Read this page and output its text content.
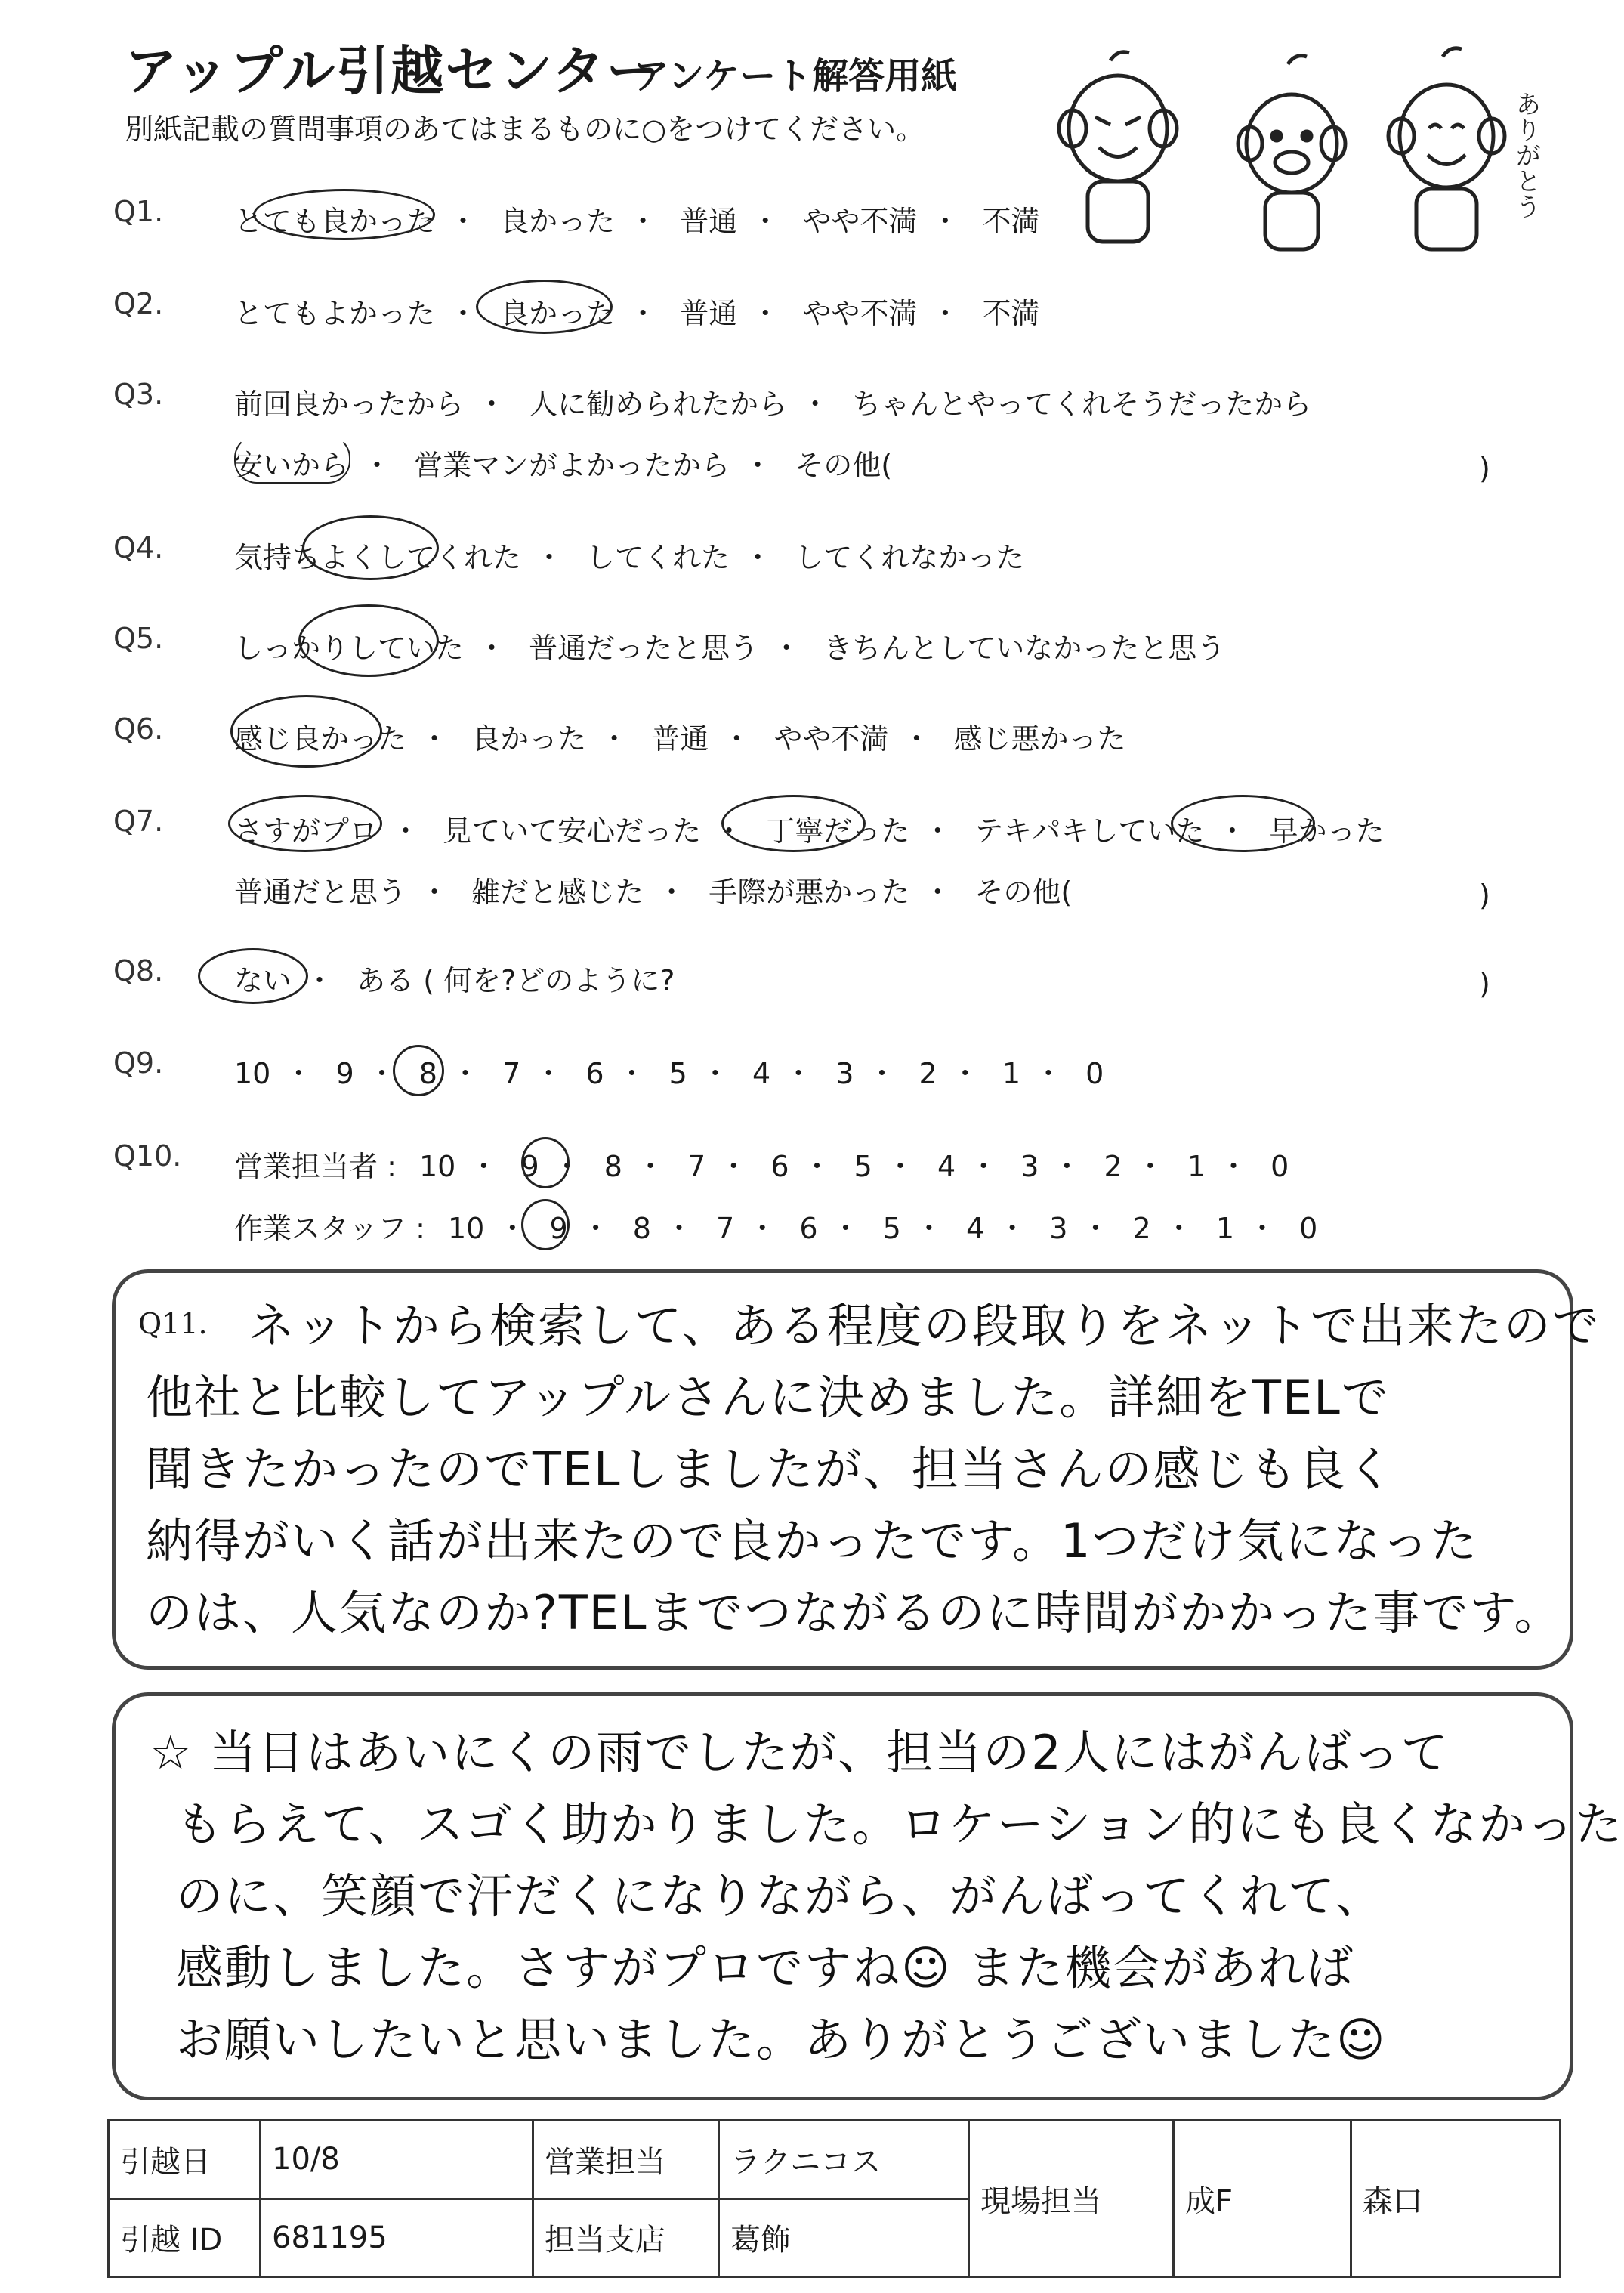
アップル引越センター
アンケート解答用紙
別紙記載の質問事項のあてはまるものに○をつけてください。	ありがとう
Q1. とても良かった ・ 良かった ・ 普通 ・ やや不満 ・ 不満
Q2. とてもよかった ・ 良かった ・ 普通 ・ やや不満 ・ 不満
Q3. 前回良かったから ・ 人に勧められたから ・ ちゃんとやってくれそうだったから
安いから ・ 営業マンがよかったから ・ その他(	)
Q4. 気持ちよくしてくれた ・ してくれた ・ してくれなかった
Q5. しっかりしていた ・ 普通だったと思う ・ きちんとしていなかったと思う
Q6. 感じ良かった ・ 良かった ・ 普通 ・ やや不満 ・ 感じ悪かった
Q7. さすがプロ ・ 見ていて安心だった ・ 丁寧だった ・ テキパキしていた ・ 早かった
普通だと思う ・ 雑だと感じた ・ 手際が悪かった ・ その他(	)
Q8. ない ・ ある ( 何を?どのように?	)
Q9. 10 ・ 9 ・ 8 ・ 7 ・ 6 ・ 5 ・ 4 ・ 3 ・ 2 ・ 1 ・ 0
Q10. 営業担当者 : 10 ・ 9 ・ 8 ・ 7 ・ 6 ・ 5 ・ 4 ・ 3 ・ 2 ・ 1 ・ 0
作業スタッフ : 10 ・ 9 ・ 8 ・ 7 ・ 6 ・ 5 ・ 4 ・ 3 ・ 2 ・ 1 ・ 0
Q11. ネットから検索して、ある程度の段取りをネットで出来たので
他社と比較してアップルさんに決めました。詳細をTELで
聞きたかったのでTELしましたが、担当さんの感じも良く
納得がいく話が出来たので良かったです。1つだけ気になった
のは、人気なのか?TELまでつながるのに時間がかかった事です。
☆ 当日はあいにくの雨でしたが、担当の2人にはがんばって
もらえて、スゴく助かりました。ロケーション的にも良くなかった
のに、笑顔で汗だくになりながら、がんばってくれて、
感動しました。さすがプロですね☺ また機会があれば
お願いしたいと思いました。ありがとうございました☺
引越日	10/8	営業担当	ラクニコス	現場担当	成F	森口
引越 ID	681195	担当支店	葛飾			
